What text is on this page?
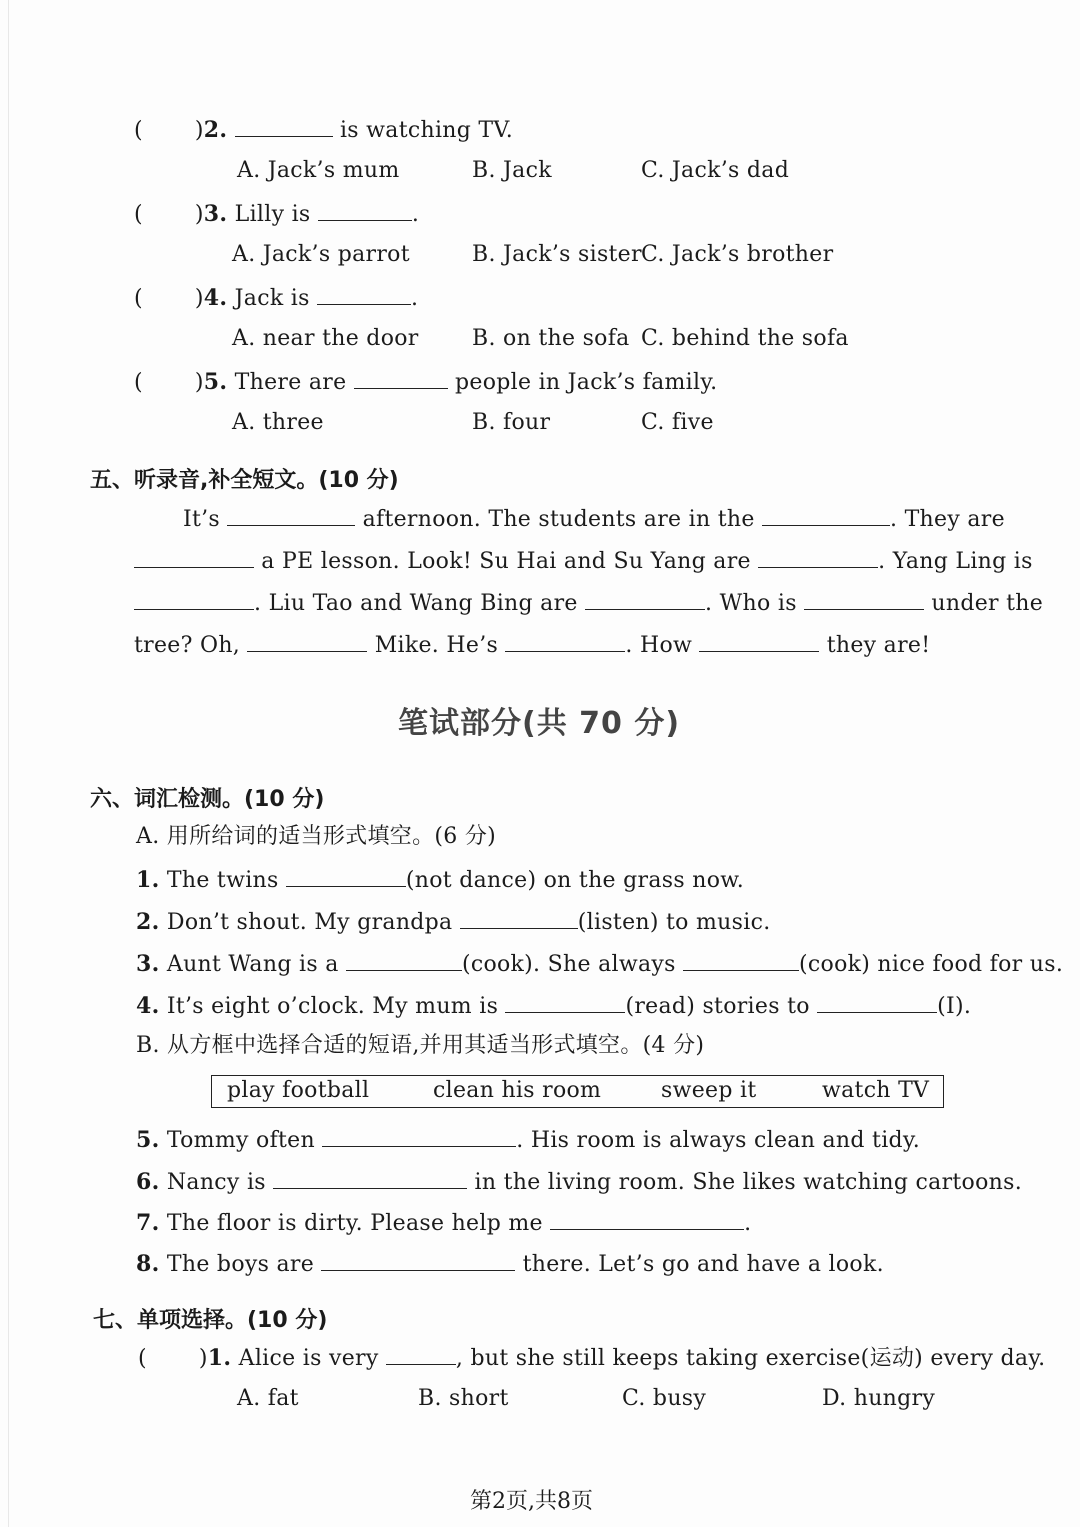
( )2.	is watching TV.
A. Jack’s mum	B. Jack	C. Jack’s dad
( )3. Lilly is	.
A. Jack’s parrot	B. Jack’s sister C. Jack’s brother
( )4. Jack is	.
A. near the door B. on the sofa C. behind the sofa
( )5. There are	people in Jack’s family.
A. three	B. four	C. five
五、听录音,补全短文。(10 分)
It’s	afternoon. The students are in the	. They are
a PE lesson. Look! Su Hai and Su Yang are	. Yang Ling is
. Liu Tao and Wang Bing are	. Who is	under the
tree? Oh,	Mike. He’s	. How	they are!
笔试部分(共 70 分)
六、词汇检测。(10 分)
A. 用所给词的适当形式填空。(6 分)
1. The twins	(not dance) on the grass now.
2. Don’t shout. My grandpa	(listen) to music.
3. Aunt Wang is a	(cook). She always	(cook) nice food for us.
4. It’s eight o’clock. My mum is	(read) stories to	(I).
B. 从方框中选择合适的短语,并用其适当形式填空。(4 分)
play football	clean his room	sweep it	watch TV
5. Tommy often	. His room is always clean and tidy.
6. Nancy is	in the living room. She likes watching cartoons.
7. The floor is dirty. Please help me	.
8. The boys are	there. Let’s go and have a look.
七、单项选择。(10 分)
( )1. Alice is very	, but she still keeps taking exercise(运动) every day.
A. fat	B. short	C. busy	D. hungry
第2页,共8页
